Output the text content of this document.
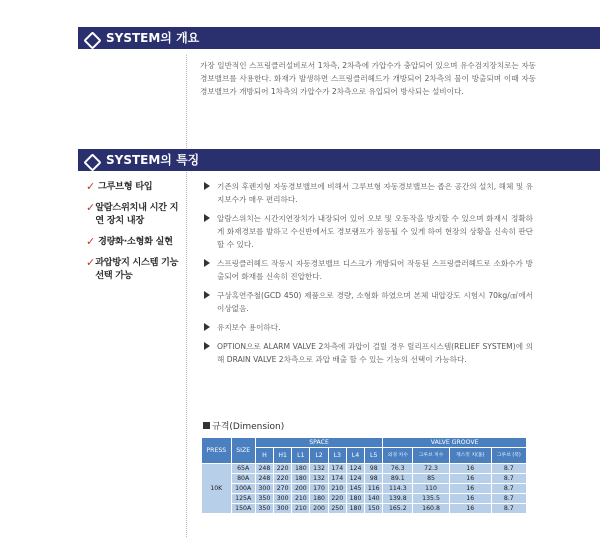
SYSTEM의 개요

가장 일반적인 스프링클러설비로서 1차측, 2차측에 가압수가 충압되어 있으며 유수검지장치로는 자동경보밸브를 사용한다. 화재가 발생하면 스프링클러헤드가 개방되어 2차측의 물이 방출되며 이때 자동경보밸브가 개방되어 1차측의 가압수가 2차측으로 유입되어 방사되는 설비이다.

SYSTEM의 특징
✓ 그루브형 타입
✓ 알람스위치내 시간 지연 장치 내장
✓ 경량화·소형화 실현
✓ 과압방지 시스템 기능 선택 가능
기존의 후렌지형 자동경보밸브에 비해서 그루브형 자동경보밸브는 좁은 공간의 설치, 해체 및 유지보수가 매우 편리하다.
알람스위치는 시간지연장치가 내장되어 있어 오보 및 오동작을 방지할 수 있으며 화재시 정확하게 화재경보를 발하고 수신반에서도 경보램프가 점등될 수 있게 하여 현장의 상황을 신속히 판단할 수 있다.
스프링클러헤드 작동시 자동경보밸브 디스크가 개방되어 작동된 스프링클러헤드로 소화수가 방출되어 화재를 신속히 진압한다.
구상흑연주철(GCD 450) 제품으로 경량, 소형화 하였으며 본체 내압강도 시험시 70kg/㎠에서 이상없음.
유지보수 용이하다.
OPTION으로 ALARM VALVE 2차측에 과압이 걸릴 경우 릴리프시스템(RELIEF SYSTEM)에 의해 DRAIN VALVE 2차측으로 과압 배출 할 수 있는 기능의 선택이 가능하다.
규격(Dimension)
PRESS	SIZE	SPACE							VALVE GROOVE			
		H	H1	L1	L2	L3	L4	L5	외경 치수	그루브 치수	게스킷 치(홈)	그루브 (폭)
10K	65A	248	220	180	132	174	124	98	76.3	72.3	16	8.7
	80A	248	220	180	132	174	124	98	89.1	85	16	8.7
	100A	300	270	200	170	210	145	116	114.3	110	16	8.7
	125A	350	300	210	180	220	180	140	139.8	135.5	16	8.7
	150A	350	300	210	200	250	180	150	165.2	160.8	16	8.7
